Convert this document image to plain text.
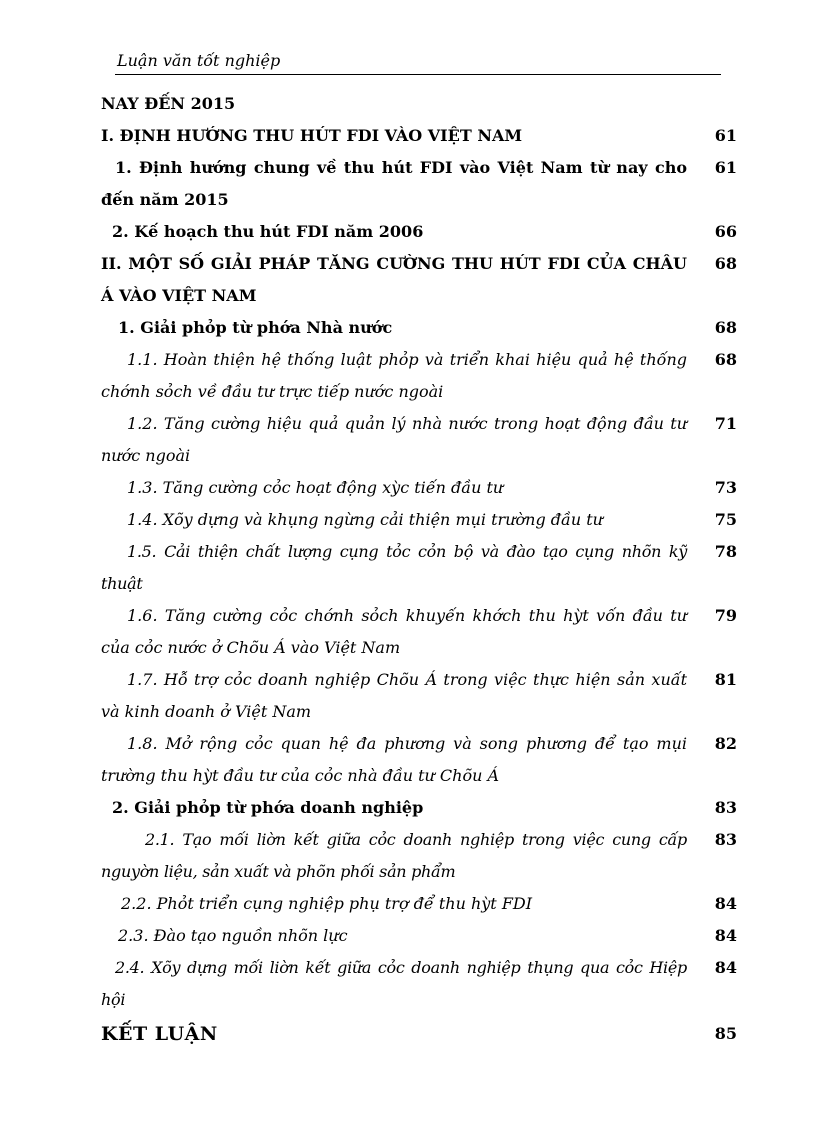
Luận văn tốt nghiệp
NAY ĐẾN 2015
I. ĐỊNH HƯỚNG THU HÚT FDI VÀO VIỆT NAM	61
1. Định hướng chung về thu hút FDI vào Việt Nam từ nay cho đến năm 2015
61
2. Kế hoạch thu hút FDI năm 2006	66
II. MỘT SỐ GIẢI PHÁP TĂNG CƯỜNG THU HÚT FDI CỦA CHÂU Á VÀO VIỆT NAM
68
1. Giải phỏp từ phớa Nhà nước	68
1.1. Hoàn thiện hệ thống luật phỏp và triển khai hiệu quả hệ thống chớnh sỏch về đầu tư trực tiếp nước ngoài
68
1.2. Tăng cường hiệu quả quản lý nhà nước trong hoạt động đầu tư nước ngoài
71
1.3. Tăng cường cỏc hoạt động xỳc tiến đầu tư	73
1.4. Xõy dựng và khụng ngừng cải thiện mụi trường đầu tư	75
1.5. Cải thiện chất lượng cụng tỏc cỏn bộ và đào tạo cụng nhõn kỹ thuật
78
1.6. Tăng cường cỏc chớnh sỏch khuyến khớch thu hỳt vốn đầu tư của cỏc nước ở Chõu Á vào Việt Nam
79
1.7. Hỗ trợ cỏc doanh nghiệp Chõu Á trong việc thực hiện sản xuất và kinh doanh ở Việt Nam
81
1.8. Mở rộng cỏc quan hệ đa phương và song phương để tạo mụi trường thu hỳt đầu tư của cỏc nhà đầu tư Chõu Á
82
2. Giải phỏp từ phớa doanh nghiệp	83
2.1. Tạo mối liờn kết giữa cỏc doanh nghiệp trong việc cung cấp nguyờn liệu, sản xuất và phõn phối sản phẩm
83
2.2. Phỏt triển cụng nghiệp phụ trợ để thu hỳt FDI	84
2.3. Đào tạo nguồn nhõn lực	84
2.4. Xõy dựng mối liờn kết giữa cỏc doanh nghiệp thụng qua cỏc Hiệp hội
84
KẾT LUẬN	85
